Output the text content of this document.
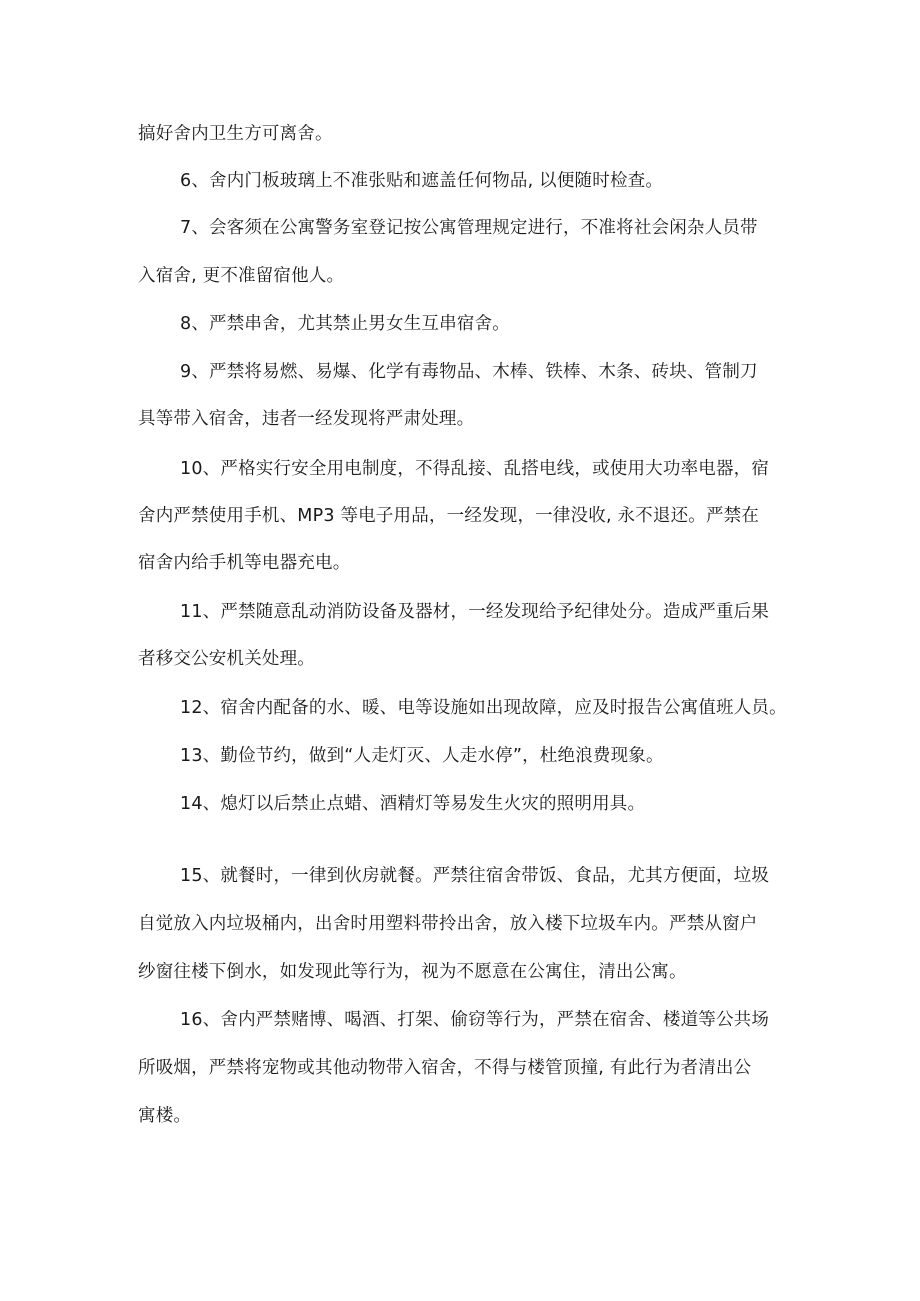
搞好舍内卫生方可离舍。
6、舍内门板玻璃上不准张贴和遮盖任何物品, 以便随时检查。
7、会客须在公寓警务室登记按公寓管理规定进行，不准将社会闲杂人员带
入宿舍, 更不准留宿他人。
8、严禁串舍，尤其禁止男女生互串宿舍。
9、严禁将易燃、易爆、化学有毒物品、木棒、铁棒、木条、砖块、管制刀
具等带入宿舍，违者一经发现将严肃处理。
10、严格实行安全用电制度，不得乱接、乱搭电线，或使用大功率电器，宿
舍内严禁使用手机、MP3 等电子用品，一经发现，一律没收, 永不退还。严禁在
宿舍内给手机等电器充电。
11、严禁随意乱动消防设备及器材，一经发现给予纪律处分。造成严重后果
者移交公安机关处理。
12、宿舍内配备的水、暖、电等设施如出现故障，应及时报告公寓值班人员。
13、勤俭节约，做到“人走灯灭、人走水停”，杜绝浪费现象。
14、熄灯以后禁止点蜡、酒精灯等易发生火灾的照明用具。
15、就餐时，一律到伙房就餐。严禁往宿舍带饭、食品，尤其方便面，垃圾
自觉放入内垃圾桶内，出舍时用塑料带拎出舍，放入楼下垃圾车内。严禁从窗户
纱窗往楼下倒水，如发现此等行为，视为不愿意在公寓住，清出公寓。
16、舍内严禁赌博、喝酒、打架、偷窃等行为，严禁在宿舍、楼道等公共场
所吸烟，严禁将宠物或其他动物带入宿舍，不得与楼管顶撞, 有此行为者清出公
寓楼。
